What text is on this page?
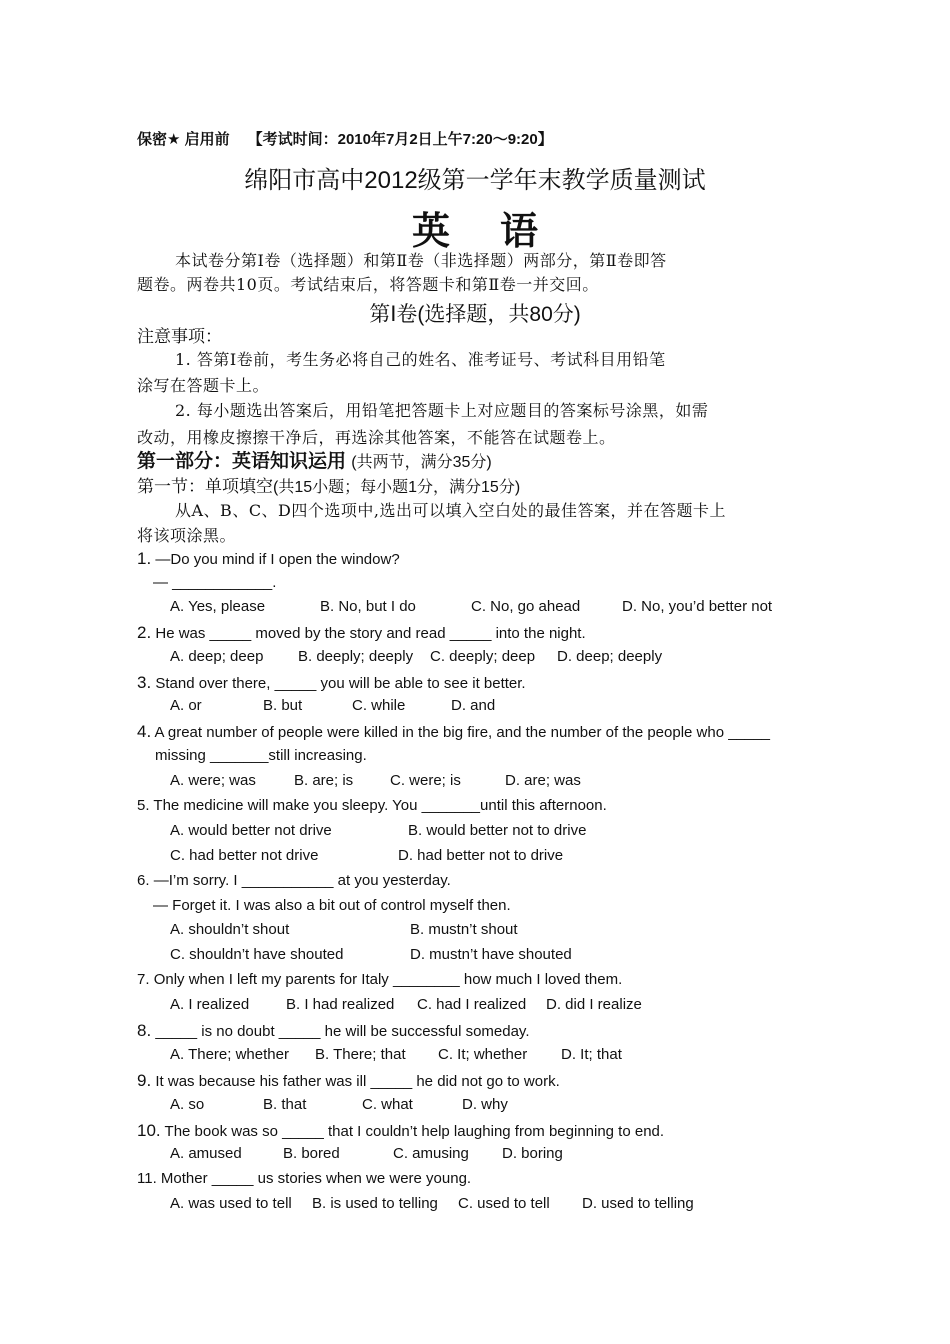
保密★ 启用前 【考试时间：2010年7月2日上午7:20～9:20】
绵阳市高中2012级第一学年末教学质量测试
英语
本试卷分第Ⅰ卷（选择题）和第Ⅱ卷（非选择题）两部分，第Ⅱ卷即答
题卷。两卷共10页。考试结束后，将答题卡和第Ⅱ卷一并交回。
第Ⅰ卷(选择题，共80分)
注意事项：
1. 答第Ⅰ卷前，考生务必将自己的姓名、准考证号、考试科目用铅笔
涂写在答题卡上。
2. 每小题选出答案后，用铅笔把答题卡上对应题目的答案标号涂黑，如需
改动，用橡皮擦擦干净后，再选涂其他答案，不能答在试题卷上。
第一部分：英语知识运用 (共两节，满分35分)
第一节：单项填空(共15小题；每小题1分，满分15分)
从A、B、C、D四个选项中,选出可以填入空白处的最佳答案，并在答题卡上
将该项涂黑。
1. —Do you mind if I open the window?
— ____________.
A. Yes, please	B. No, but I do	C. No, go ahead	D. No, you’d better not
2. He was _____ moved by the story and read _____ into the night.
A. deep; deep B. deeply; deeply C. deeply; deep D. deep; deeply
3. Stand over there, _____ you will be able to see it better.
A. or	B. but	C. while	D. and
4. A great number of people were killed in the big fire, and the number of the people who _____
missing _______still increasing.
A. were; was	B. are; is C. were; is	D. are; was
5. The medicine will make you sleepy. You _______until this afternoon.
A. would better not drive	B. would better not to drive
C. had better not drive	D. had better not to drive
6. —I’m sorry. I ___________ at you yesterday.
— Forget it. I was also a bit out of control myself then.
A. shouldn’t shout	B. mustn’t shout
C. shouldn’t have shouted	D. mustn’t have shouted
7. Only when I left my parents for Italy ________ how much I loved them.
A. I realized B. I had realized C. had I realized D. did I realize
8. _____ is no doubt _____ he will be successful someday.
A. There; whether B. There; that C. It; whether D. It; that
9. It was because his father was ill _____ he did not go to work.
A. so	B. that	C. what	D. why
10. The book was so _____ that I couldn’t help laughing from beginning to end.
A. amused	B. bored	C. amusing D. boring
11. Mother _____ us stories when we were young.
A. was used to tell B. is used to telling C. used to tell D. used to telling
